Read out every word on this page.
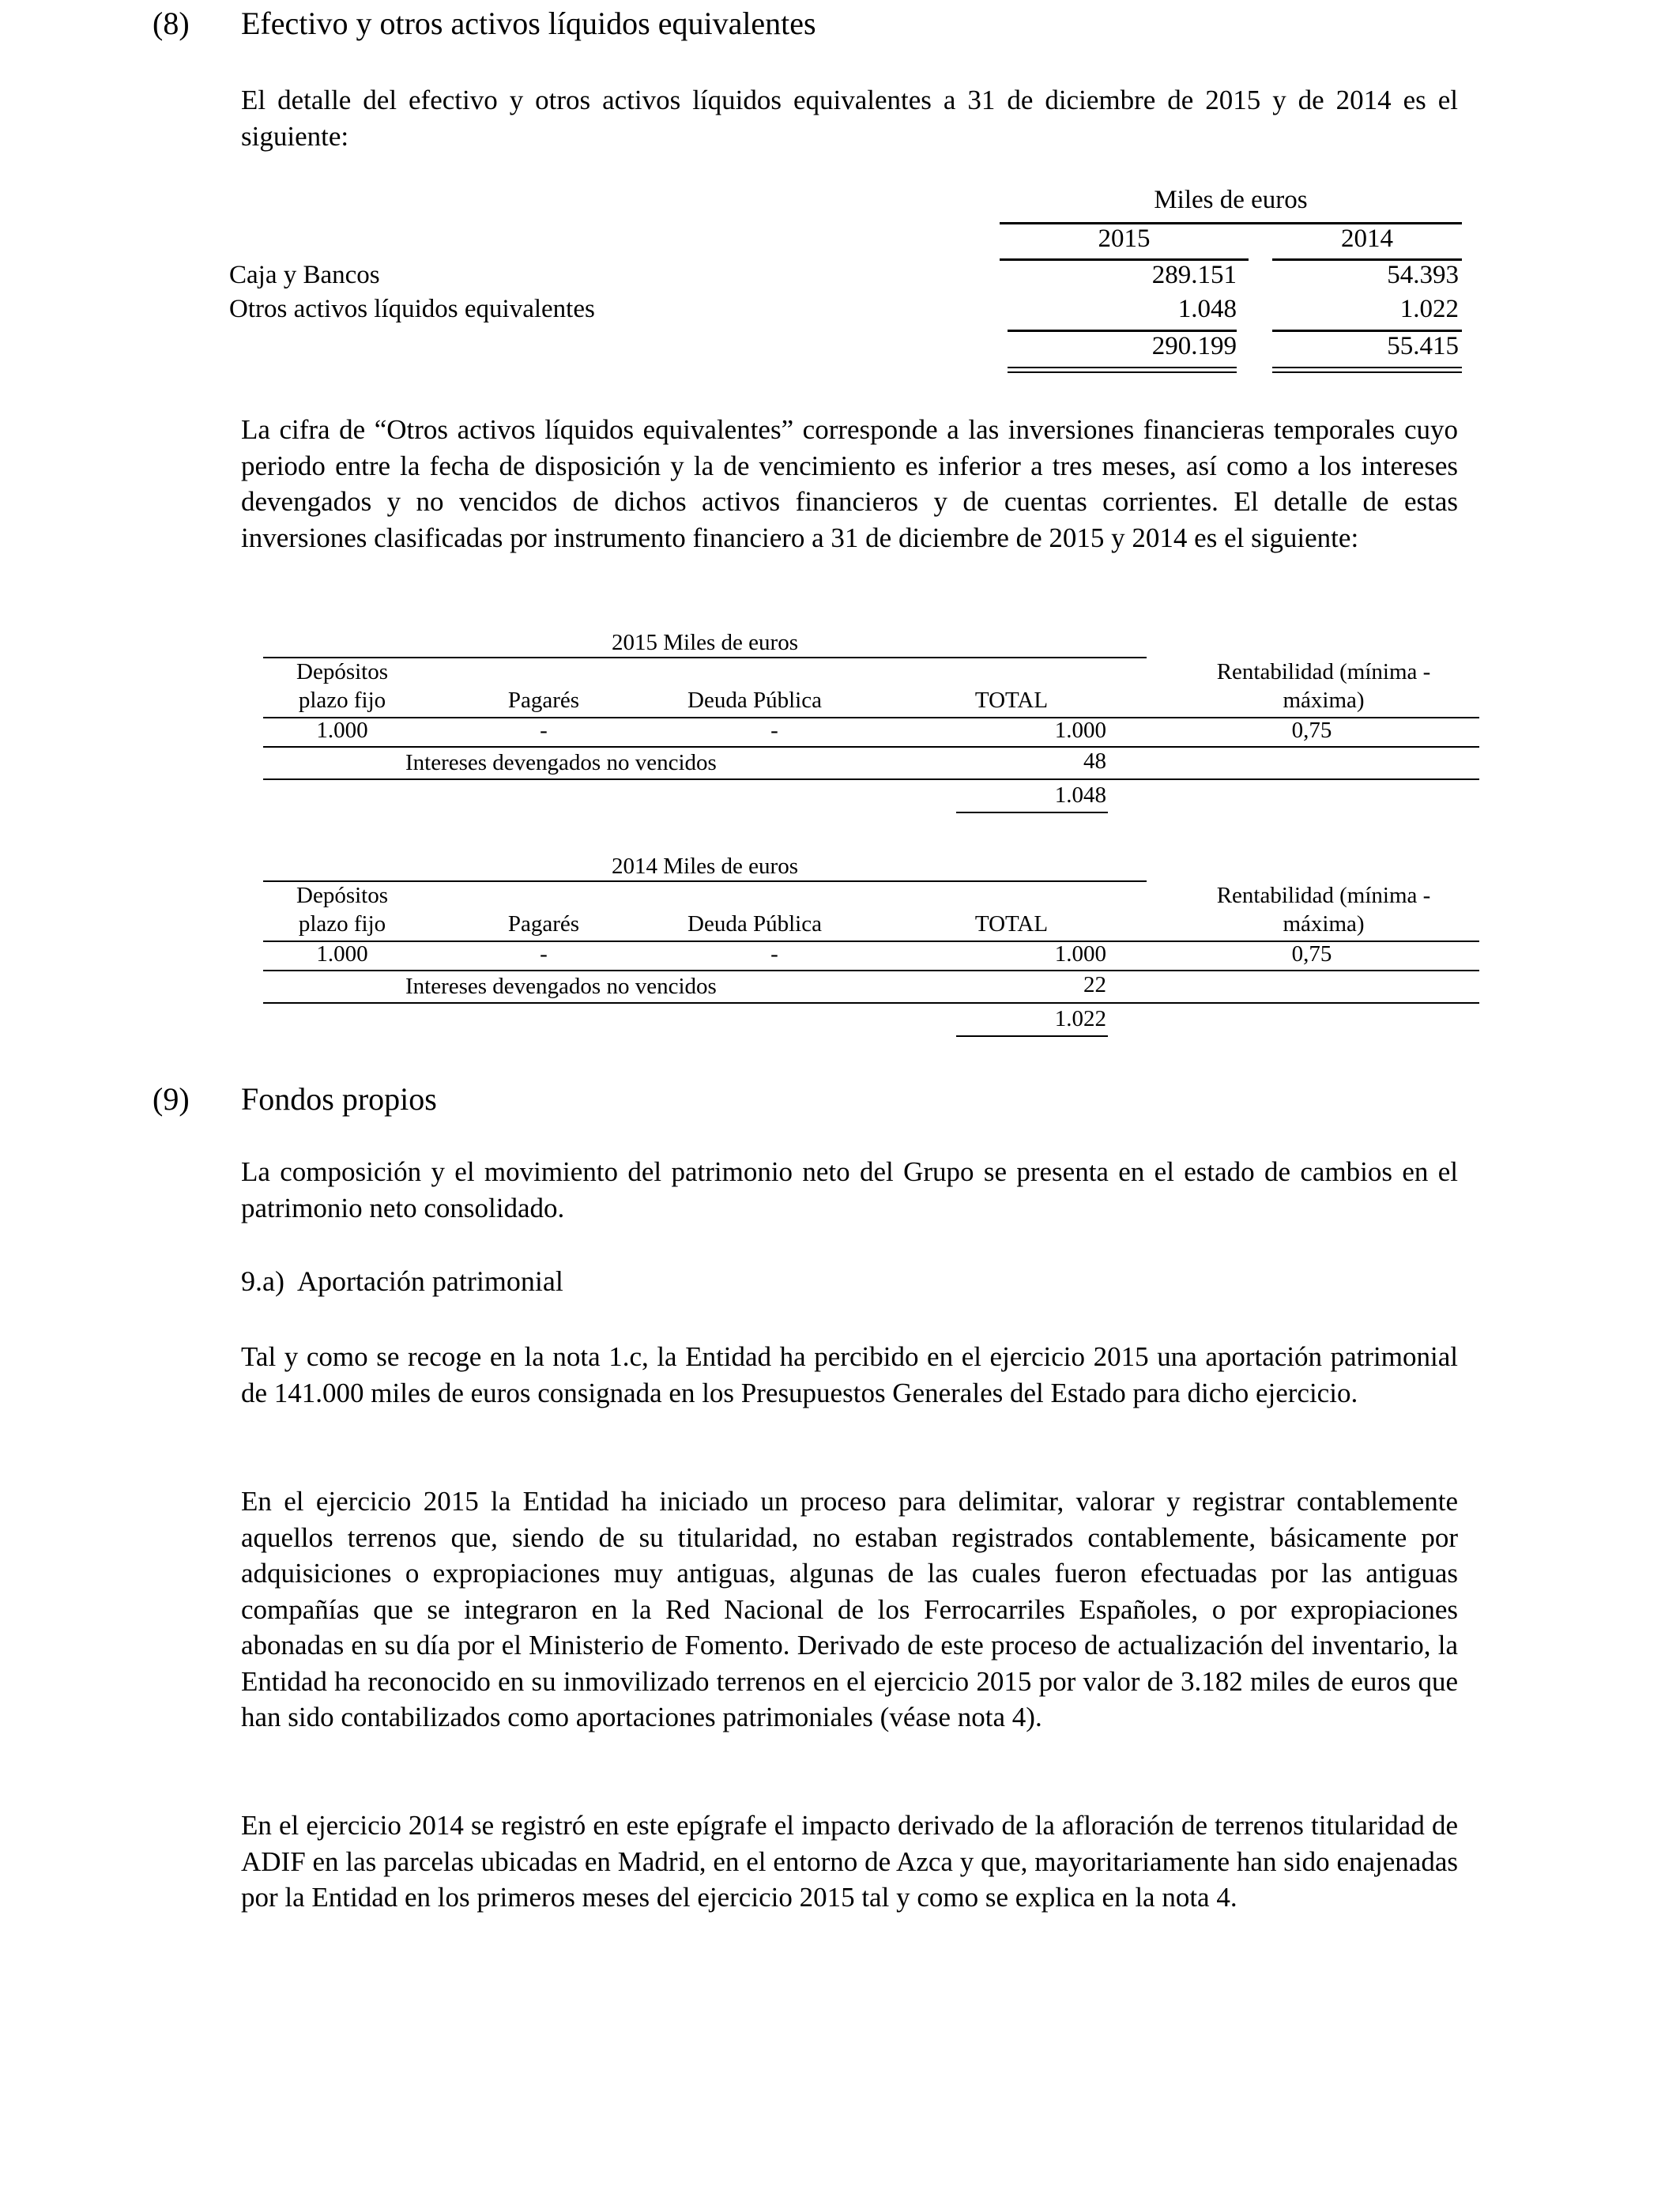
(8) Efectivo y otros activos líquidos equivalentes

El detalle del efectivo y otros activos líquidos equivalentes a 31 de diciembre de 2015 y de 2014 es el siguiente:

Miles de euros
2015	2014
Caja y Bancos	289.151	54.393
Otros activos líquidos equivalentes	1.048	1.022
290.199	55.415

La cifra de “Otros activos líquidos equivalentes” corresponde a las inversiones financieras temporales cuyo periodo entre la fecha de disposición y la de vencimiento es inferior a tres meses, así como a los intereses devengados y no vencidos de dichos activos financieros y de cuentas corrientes. El detalle de estas inversiones clasificadas por instrumento financiero a 31 de diciembre de 2015 y 2014 es el siguiente:

2015 Miles de euros
Depósitos
plazo fijo	Pagarés	Deuda Pública	TOTAL
Rentabilidad (mínima -
máxima)
1.000	-	-	1.000	0,75
Intereses devengados no vencidos	48
1.048
2014 Miles de euros
Depósitos
plazo fijo	Pagarés	Deuda Pública	TOTAL
Rentabilidad (mínima -
máxima)
1.000	-	-	1.000	0,75
Intereses devengados no vencidos	22
1.022
(9) Fondos propios

La composición y el movimiento del patrimonio neto del Grupo se presenta en el estado de cambios en el patrimonio neto consolidado.

9.a)  Aportación patrimonial

Tal y como se recoge en la nota 1.c, la Entidad ha percibido en el ejercicio 2015 una aportación patrimonial de 141.000 miles de euros consignada en los Presupuestos Generales del Estado para dicho ejercicio.

En el ejercicio 2015 la Entidad ha iniciado un proceso para delimitar, valorar y registrar contablemente aquellos terrenos que, siendo de su titularidad, no estaban registrados contablemente, básicamente por adquisiciones o expropiaciones muy antiguas, algunas de las cuales fueron efectuadas por las antiguas compañías que se integraron en la Red Nacional de los Ferrocarriles Españoles, o por expropiaciones abonadas en su día por el Ministerio de Fomento. Derivado de este proceso de actualización del inventario, la Entidad ha reconocido en su inmovilizado terrenos en el ejercicio 2015 por valor de 3.182 miles de euros que han sido contabilizados como aportaciones patrimoniales (véase nota 4).

En el ejercicio 2014 se registró en este epígrafe el impacto derivado de la afloración de terrenos titularidad de ADIF en las parcelas ubicadas en Madrid, en el entorno de Azca y que, mayoritariamente han sido enajenadas por la Entidad en los primeros meses del ejercicio 2015 tal y como se explica en la nota 4.
